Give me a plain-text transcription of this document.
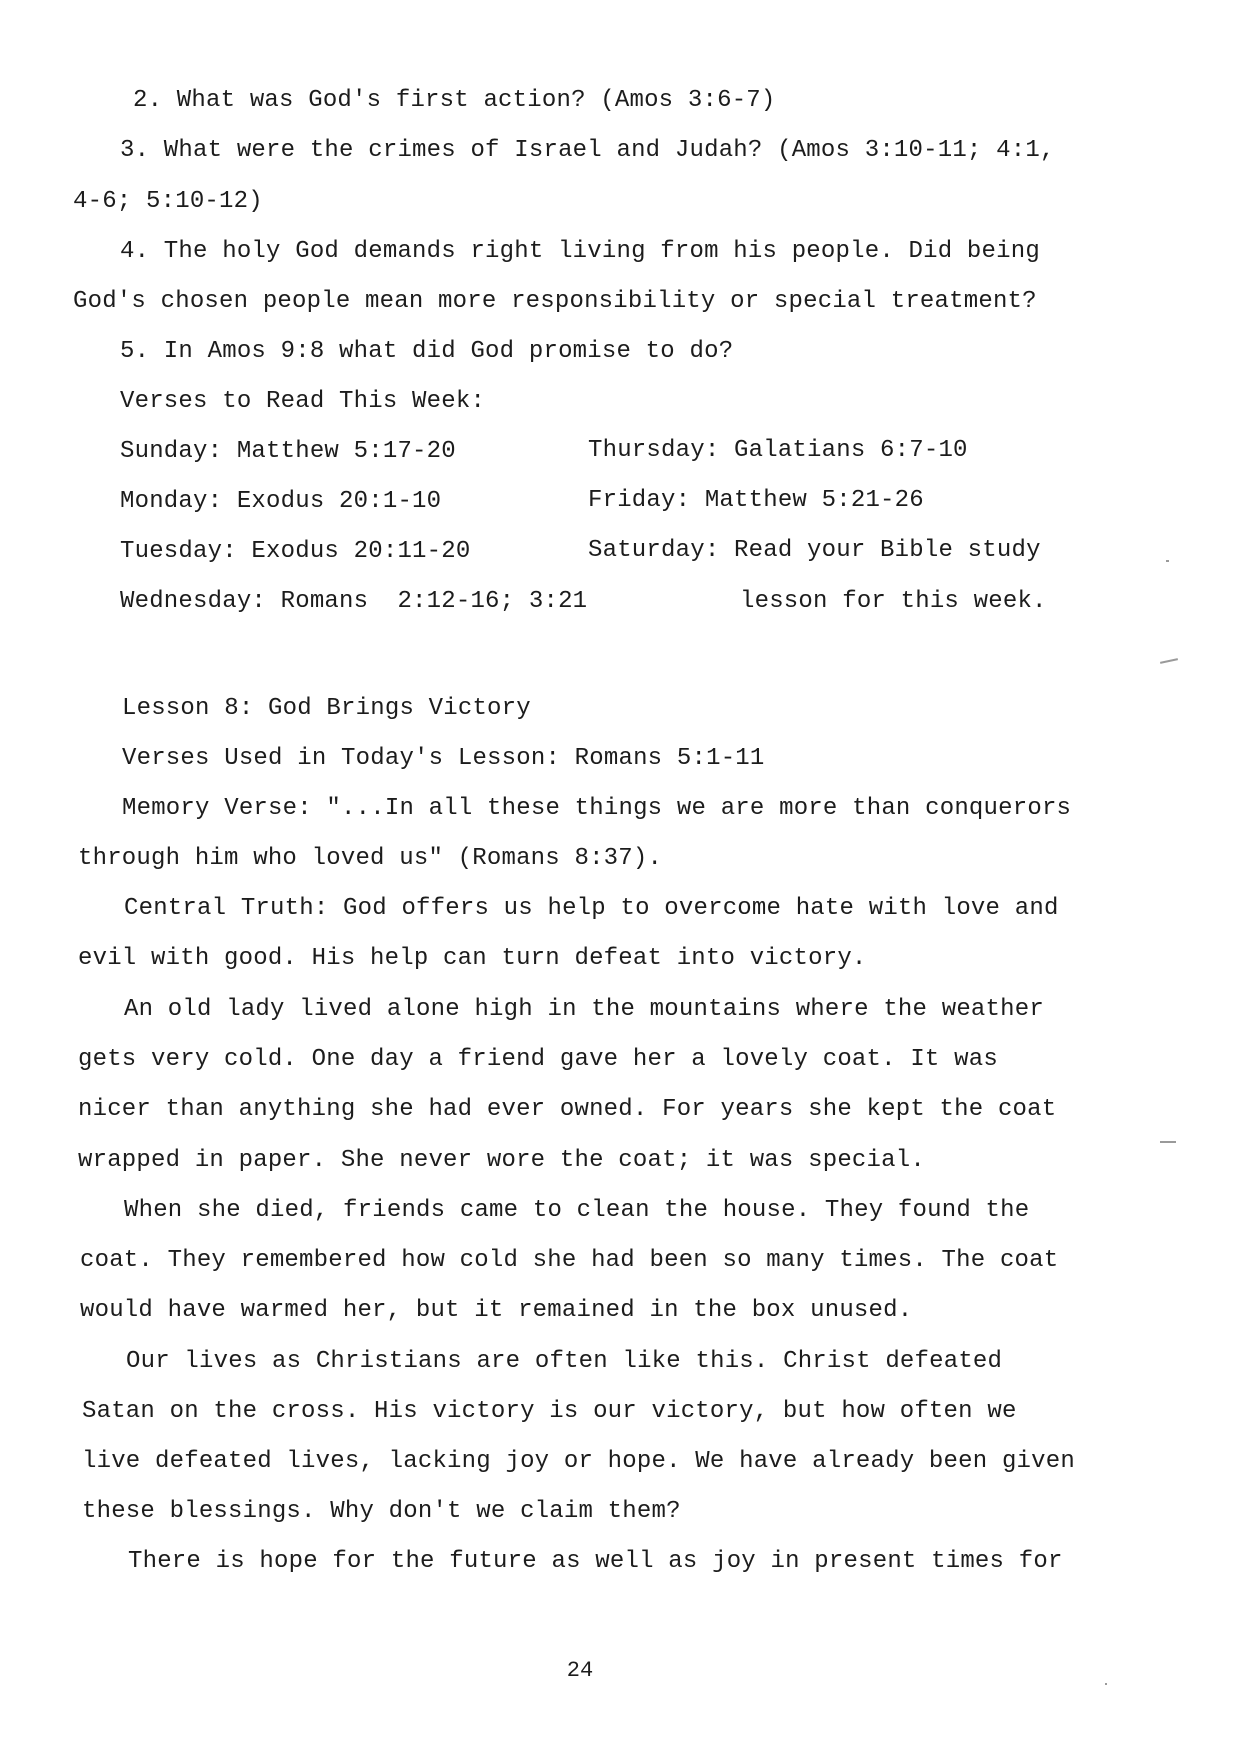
2. What was God's first action? (Amos 3:6-7)
3. What were the crimes of Israel and Judah? (Amos 3:10-11; 4:1,
4-6; 5:10-12)
4. The holy God demands right living from his people. Did being
God's chosen people mean more responsibility or special treatment?
5. In Amos 9:8 what did God promise to do?
Verses to Read This Week:
Sunday: Matthew 5:17-20	Thursday: Galatians 6:7-10
Monday: Exodus 20:1-10	Friday: Matthew 5:21-26
Tuesday: Exodus 20:11-20	Saturday: Read your Bible study
Wednesday: Romans  2:12-16; 3:21	lesson for this week.
Lesson 8: God Brings Victory
Verses Used in Today's Lesson: Romans 5:1-11
Memory Verse: "...In all these things we are more than conquerors
through him who loved us" (Romans 8:37).
Central Truth: God offers us help to overcome hate with love and
evil with good. His help can turn defeat into victory.
An old lady lived alone high in the mountains where the weather
gets very cold. One day a friend gave her a lovely coat. It was
nicer than anything she had ever owned. For years she kept the coat
wrapped in paper. She never wore the coat; it was special.
When she died, friends came to clean the house. They found the
coat. They remembered how cold she had been so many times. The coat
would have warmed her, but it remained in the box unused.
Our lives as Christians are often like this. Christ defeated
Satan on the cross. His victory is our victory, but how often we
live defeated lives, lacking joy or hope. We have already been given
these blessings. Why don't we claim them?
There is hope for the future as well as joy in present times for
24
